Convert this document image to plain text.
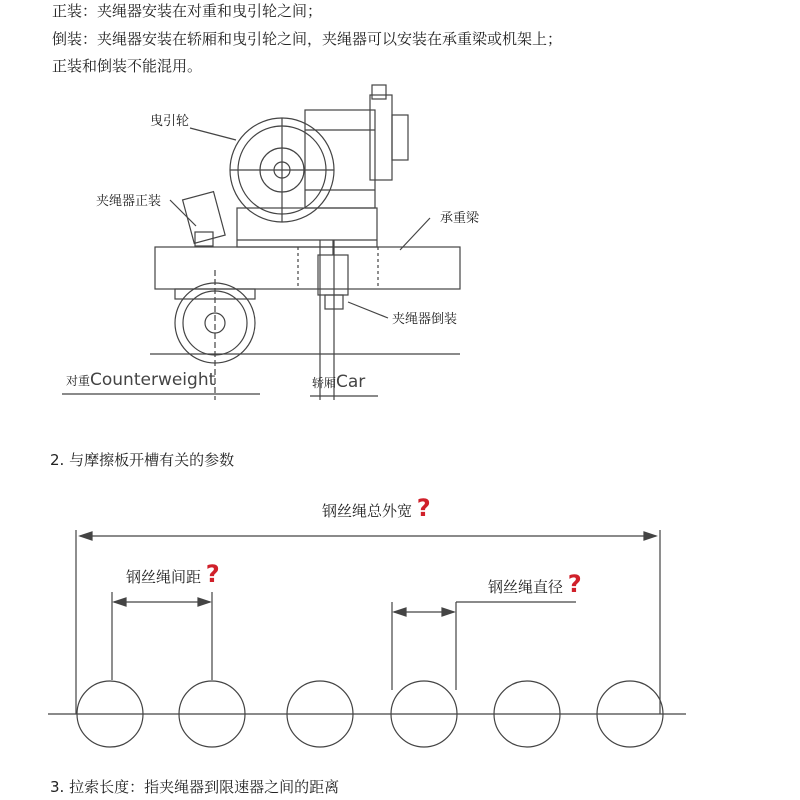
正装：夹绳器安装在对重和曳引轮之间；
倒装：夹绳器安装在轿厢和曳引轮之间，夹绳器可以安装在承重梁或机架上；
正装和倒装不能混用。
曳引轮
夹绳器正装
承重梁
夹绳器倒装
对重Counterweight	轿厢Car
2. 与摩擦板开槽有关的参数
钢丝绳总外宽 ?
钢丝绳间距 ?	钢丝绳直径 ?
3. 拉索长度：指夹绳器到限速器之间的距离
